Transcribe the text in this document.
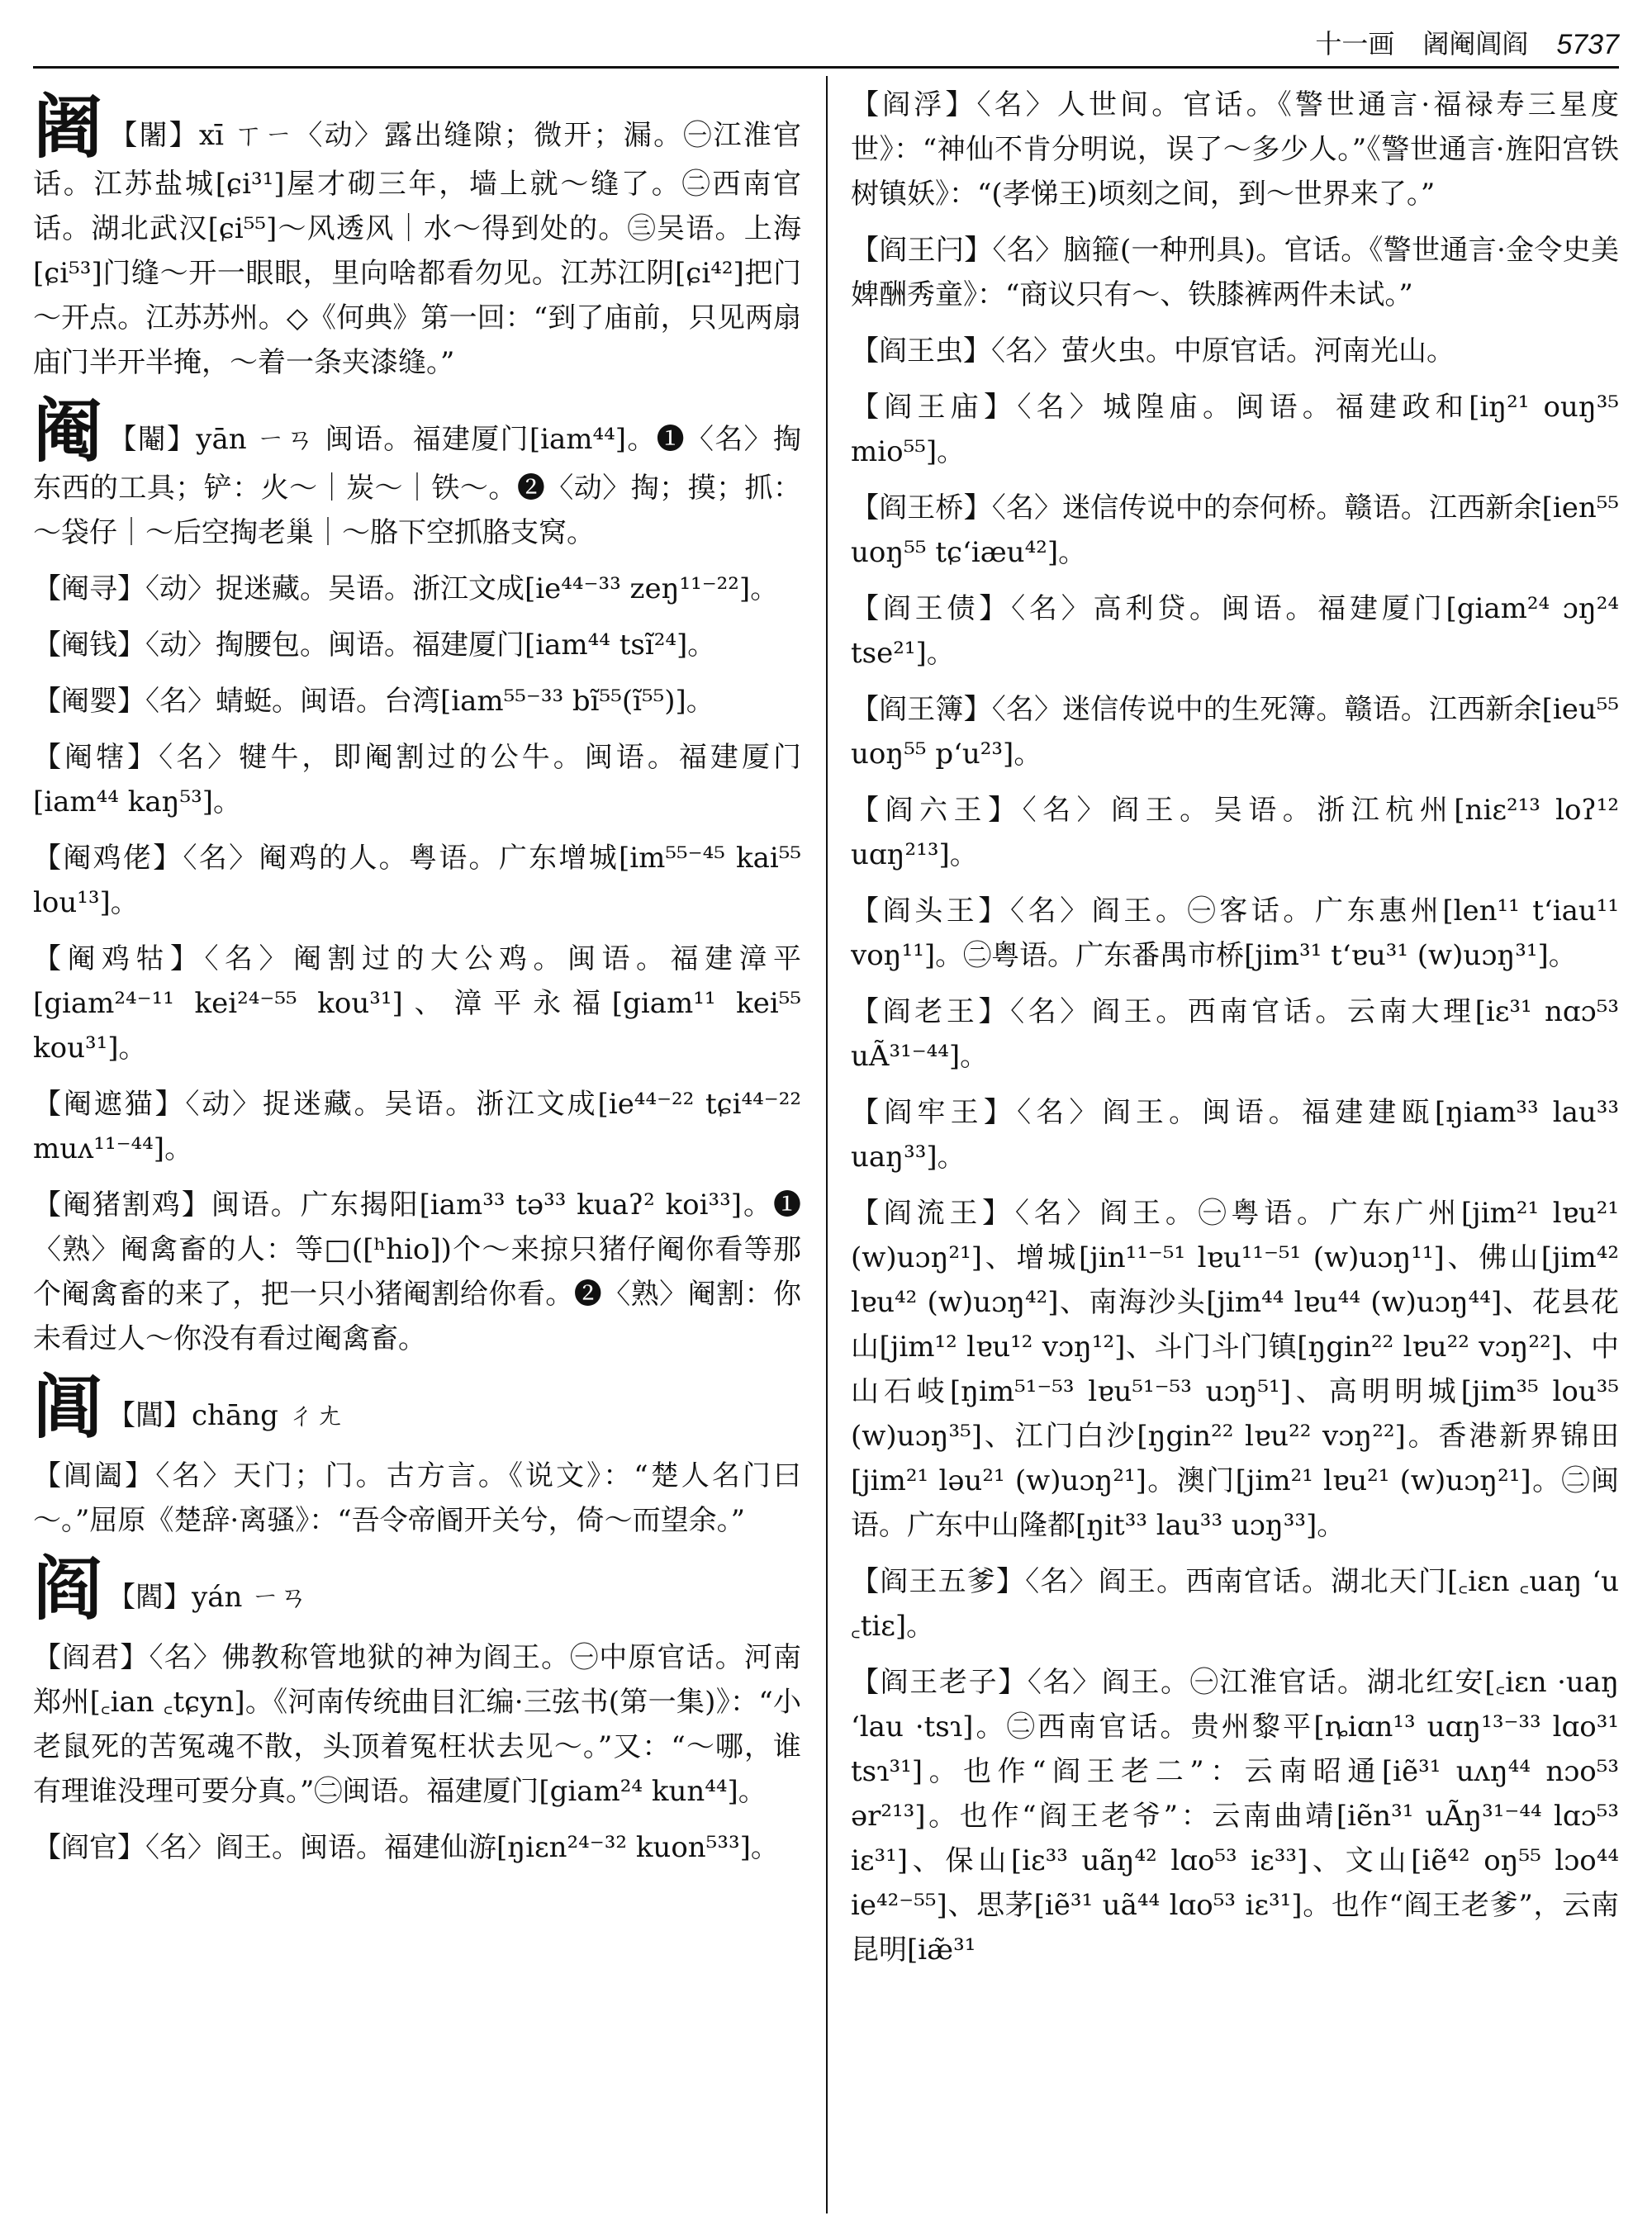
十一画 阇阉阊阎 5737

阇 【闍】xī ㄒㄧ〈动〉露出缝隙；微开；漏。㊀江淮官话。江苏盐城[ɕi³¹]屋才砌三年，墙上就～缝了。㊁西南官话。湖北武汉[ɕi⁵⁵]～风透风｜水～得到处的。㊂吴语。上海[ɕi⁵³]门缝～开一眼眼，里向啥都看勿见。江苏江阴[ɕi⁴²]把门～开点。江苏苏州。◇《何典》第一回：“到了庙前，只见两扇庙门半开半掩，～着一条夹漆缝。”

阉 【閹】yān ㄧㄢ 闽语。福建厦门[iam⁴⁴]。❶〈名〉掏东西的工具；铲：火～｜炭～｜铁～。❷〈动〉掏；摸；抓：～袋仔｜～后空掏老巢｜～胳下空抓胳支窝。

【阉寻】〈动〉捉迷藏。吴语。浙江文成[ie⁴⁴⁻³³ zeŋ¹¹⁻²²]。

【阉钱】〈动〉掏腰包。闽语。福建厦门[iam⁴⁴ tsĩ²⁴]。

【阉婴】〈名〉蜻蜓。闽语。台湾[iam⁵⁵⁻³³ bĩ⁵⁵(ĩ⁵⁵)]。

【阉犗】〈名〉犍牛，即阉割过的公牛。闽语。福建厦门[iam⁴⁴ kaŋ⁵³]。

【阉鸡佬】〈名〉阉鸡的人。粤语。广东增城[im⁵⁵⁻⁴⁵ kai⁵⁵ lou¹³]。

【阉鸡牯】〈名〉阉割过的大公鸡。闽语。福建漳平[giam²⁴⁻¹¹ kei²⁴⁻⁵⁵ kou³¹]、漳平永福[giam¹¹ kei⁵⁵ kou³¹]。

【阉遮猫】〈动〉捉迷藏。吴语。浙江文成[ie⁴⁴⁻²² tɕi⁴⁴⁻²² muʌ¹¹⁻⁴⁴]。

【阉猪割鸡】闽语。广东揭阳[iam³³ tə³³ kuaʔ² koi³³]。❶〈熟〉阉禽畜的人：等□([ʰhio])个～来掠只猪仔阉你看等那个阉禽畜的来了，把一只小猪阉割给你看。❷〈熟〉阉割：你未看过人～你没有看过阉禽畜。

阊 【閶】chāng ㄔㄤ

【阊阖】〈名〉天门；门。古方言。《说文》：“楚人名门曰～。”屈原《楚辞·离骚》：“吾令帝阍开关兮，倚～而望余。”

阎 【閻】yán ㄧㄢ

【阎君】〈名〉佛教称管地狱的神为阎王。㊀中原官话。河南郑州[꜀ian ꜀tɕyn]。《河南传统曲目汇编·三弦书(第一集)》：“小老鼠死的苦冤魂不散，头顶着冤枉状去见～。”又：“～哪，谁有理谁没理可要分真。”㊁闽语。福建厦门[giam²⁴ kun⁴⁴]。

【阎官】〈名〉阎王。闽语。福建仙游[ŋiɛn²⁴⁻³² kuon⁵³³]。

【阎浮】〈名〉人世间。官话。《警世通言·福禄寿三星度世》：“神仙不肯分明说，误了～多少人。”《警世通言·旌阳宫铁树镇妖》：“(孝悌王)顷刻之间，到～世界来了。”

【阎王闩】〈名〉脑箍(一种刑具)。官话。《警世通言·金令史美婢酬秀童》：“商议只有～、铁膝裤两件未试。”

【阎王虫】〈名〉萤火虫。中原官话。河南光山。

【阎王庙】〈名〉城隍庙。闽语。福建政和[iŋ²¹ ouŋ³⁵ mio⁵⁵]。

【阎王桥】〈名〉迷信传说中的奈何桥。赣语。江西新余[ien⁵⁵ uoŋ⁵⁵ tɕʻiæu⁴²]。

【阎王债】〈名〉高利贷。闽语。福建厦门[giam²⁴ ɔŋ²⁴ tse²¹]。

【阎王簿】〈名〉迷信传说中的生死簿。赣语。江西新余[ieu⁵⁵ uoŋ⁵⁵ pʻu²³]。

【阎六王】〈名〉阎王。吴语。浙江杭州[niɛ²¹³ loʔ¹² uɑŋ²¹³]。

【阎头王】〈名〉阎王。㊀客话。广东惠州[len¹¹ tʻiau¹¹ voŋ¹¹]。㊁粤语。广东番禺市桥[jim³¹ tʻɐu³¹ (w)uɔŋ³¹]。

【阎老王】〈名〉阎王。西南官话。云南大理[iɛ³¹ nɑɔ⁵³ uÃ³¹⁻⁴⁴]。

【阎牢王】〈名〉阎王。闽语。福建建瓯[ŋiam³³ lau³³ uaŋ³³]。

【阎流王】〈名〉阎王。㊀粤语。广东广州[jim²¹ lɐu²¹ (w)uɔŋ²¹]、增城[jin¹¹⁻⁵¹ lɐu¹¹⁻⁵¹ (w)uɔŋ¹¹]、佛山[jim⁴² lɐu⁴² (w)uɔŋ⁴²]、南海沙头[jim⁴⁴ lɐu⁴⁴ (w)uɔŋ⁴⁴]、花县花山[jim¹² lɐu¹² vɔŋ¹²]、斗门斗门镇[ŋgin²² lɐu²² vɔŋ²²]、中山石岐[ŋim⁵¹⁻⁵³ lɐu⁵¹⁻⁵³ uɔŋ⁵¹]、高明明城[jim³⁵ lou³⁵ (w)uɔŋ³⁵]、江门白沙[ŋgin²² lɐu²² vɔŋ²²]。香港新界锦田[jim²¹ ləu²¹ (w)uɔŋ²¹]。澳门[jim²¹ lɐu²¹ (w)uɔŋ²¹]。㊁闽语。广东中山隆都[ŋit³³ lau³³ uɔŋ³³]。

【阎王五爹】〈名〉阎王。西南官话。湖北天门[꜀iɛn ꜀uaŋ ʻu ꜀tiɛ]。

【阎王老子】〈名〉阎王。㊀江淮官话。湖北红安[꜀iɛn ·uaŋ ʻlau ·tsɿ]。㊁西南官话。贵州黎平[ȵiɑn¹³ uɑŋ¹³⁻³³ lɑo³¹ tsɿ³¹]。也作“阎王老二”：云南昭通[iẽ³¹ uʌŋ⁴⁴ nɔo⁵³ ər²¹³]。也作“阎王老爷”：云南曲靖[iẽn³¹ uÃŋ³¹⁻⁴⁴ lɑɔ⁵³ iɛ³¹]、保山[iɛ³³ uãŋ⁴² lɑo⁵³ iɛ³³]、文山[iẽ⁴² oŋ⁵⁵ lɔo⁴⁴ ie⁴²⁻⁵⁵]、思茅[iẽ³¹ uã⁴⁴ lɑo⁵³ iɛ³¹]。也作“阎王老爹”，云南昆明[iæ̃³¹
